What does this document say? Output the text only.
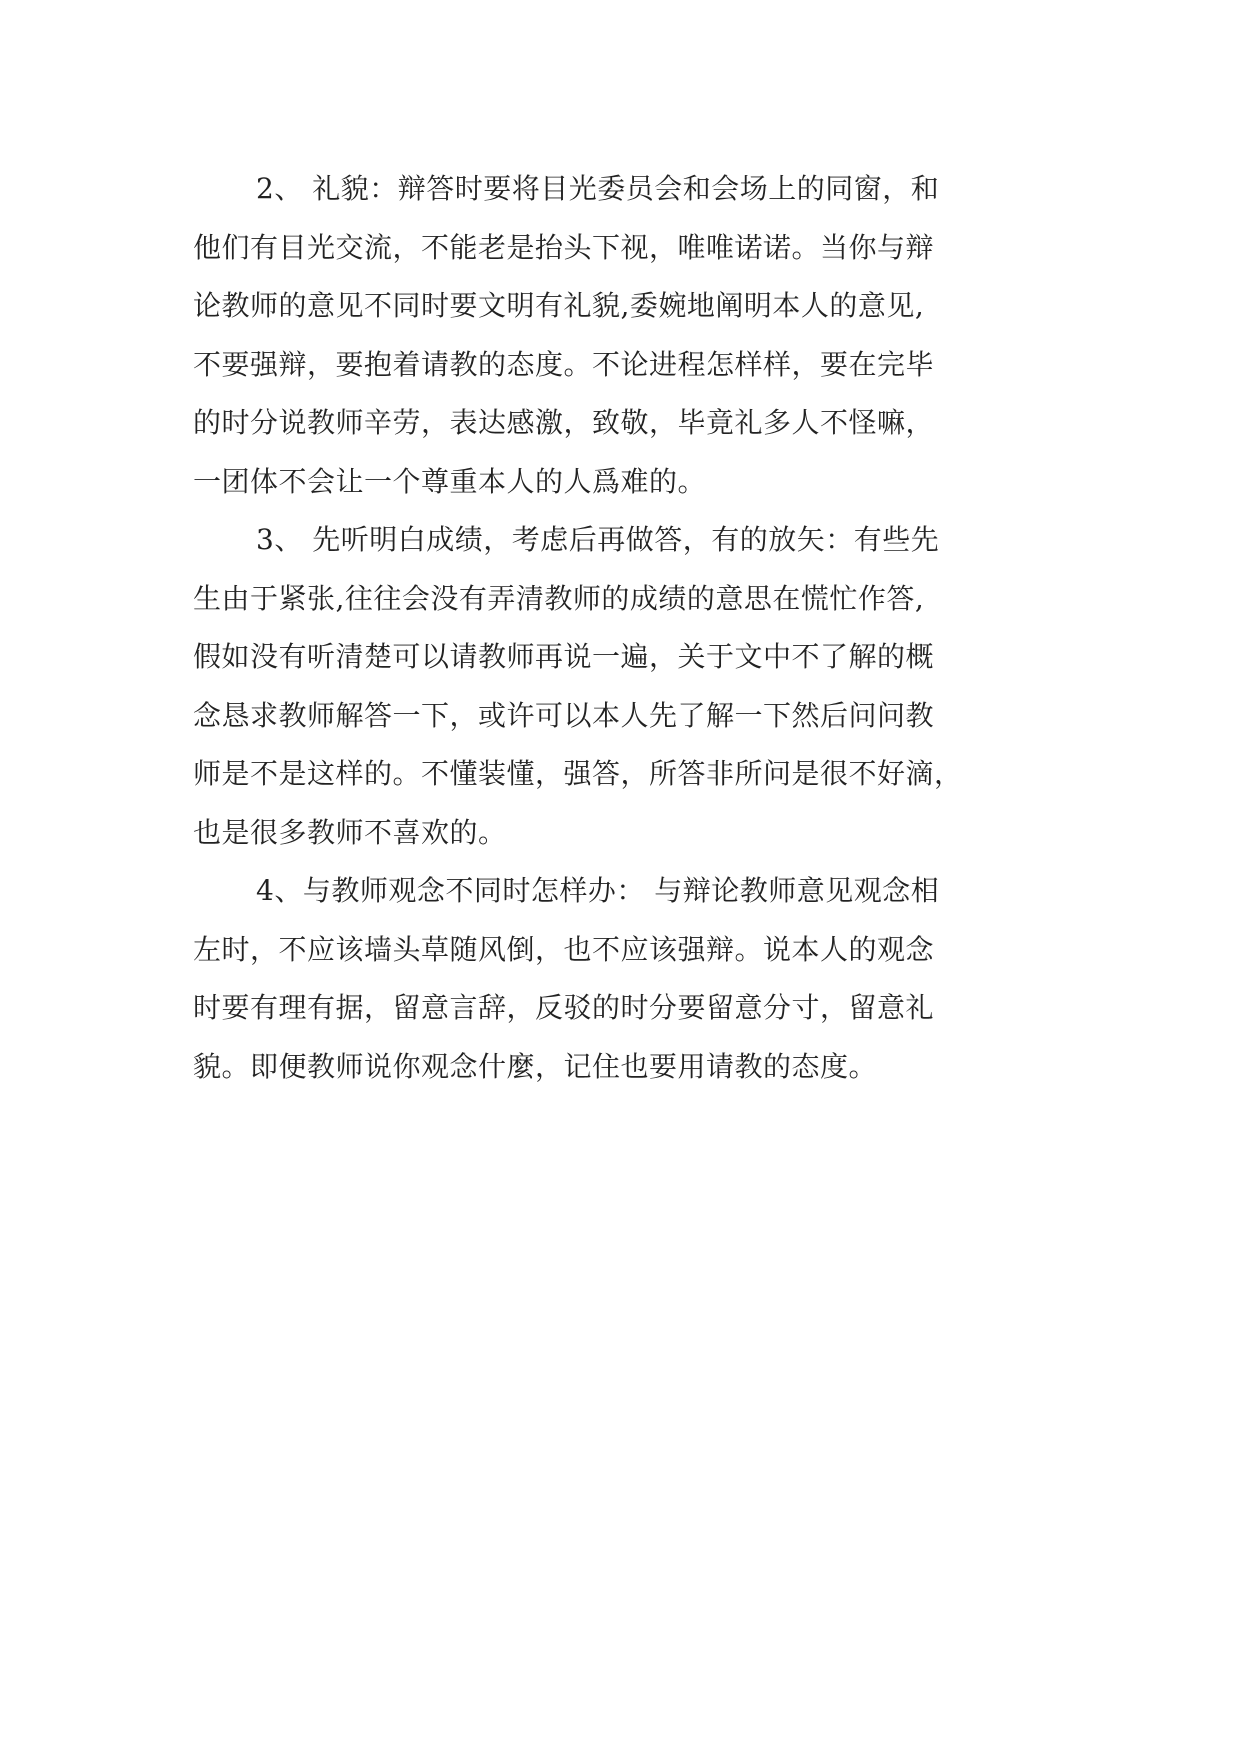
2、 礼貌：辩答时要将目光委员会和会场上的同窗，和
他们有目光交流，不能老是抬头下视，唯唯诺诺。当你与辩
论教师的意见不同时要文明有礼貌,委婉地阐明本人的意见,
不要强辩，要抱着请教的态度。不论进程怎样样，要在完毕
的时分说教师辛劳，表达感激，致敬，毕竟礼多人不怪嘛，
一团体不会让一个尊重本人的人爲难的。
3、 先听明白成绩，考虑后再做答，有的放矢：有些先
生由于紧张,往往会没有弄清教师的成绩的意思在慌忙作答,
假如没有听清楚可以请教师再说一遍，关于文中不了解的概
念恳求教师解答一下，或许可以本人先了解一下然后问问教
师是不是这样的。不懂装懂，强答，所答非所问是很不好滴，
也是很多教师不喜欢的。
4、与教师观念不同时怎样办： 与辩论教师意见观念相
左时，不应该墙头草随风倒，也不应该强辩。说本人的观念
时要有理有据，留意言辞，反驳的时分要留意分寸，留意礼
貌。即便教师说你观念什麼，记住也要用请教的态度。
